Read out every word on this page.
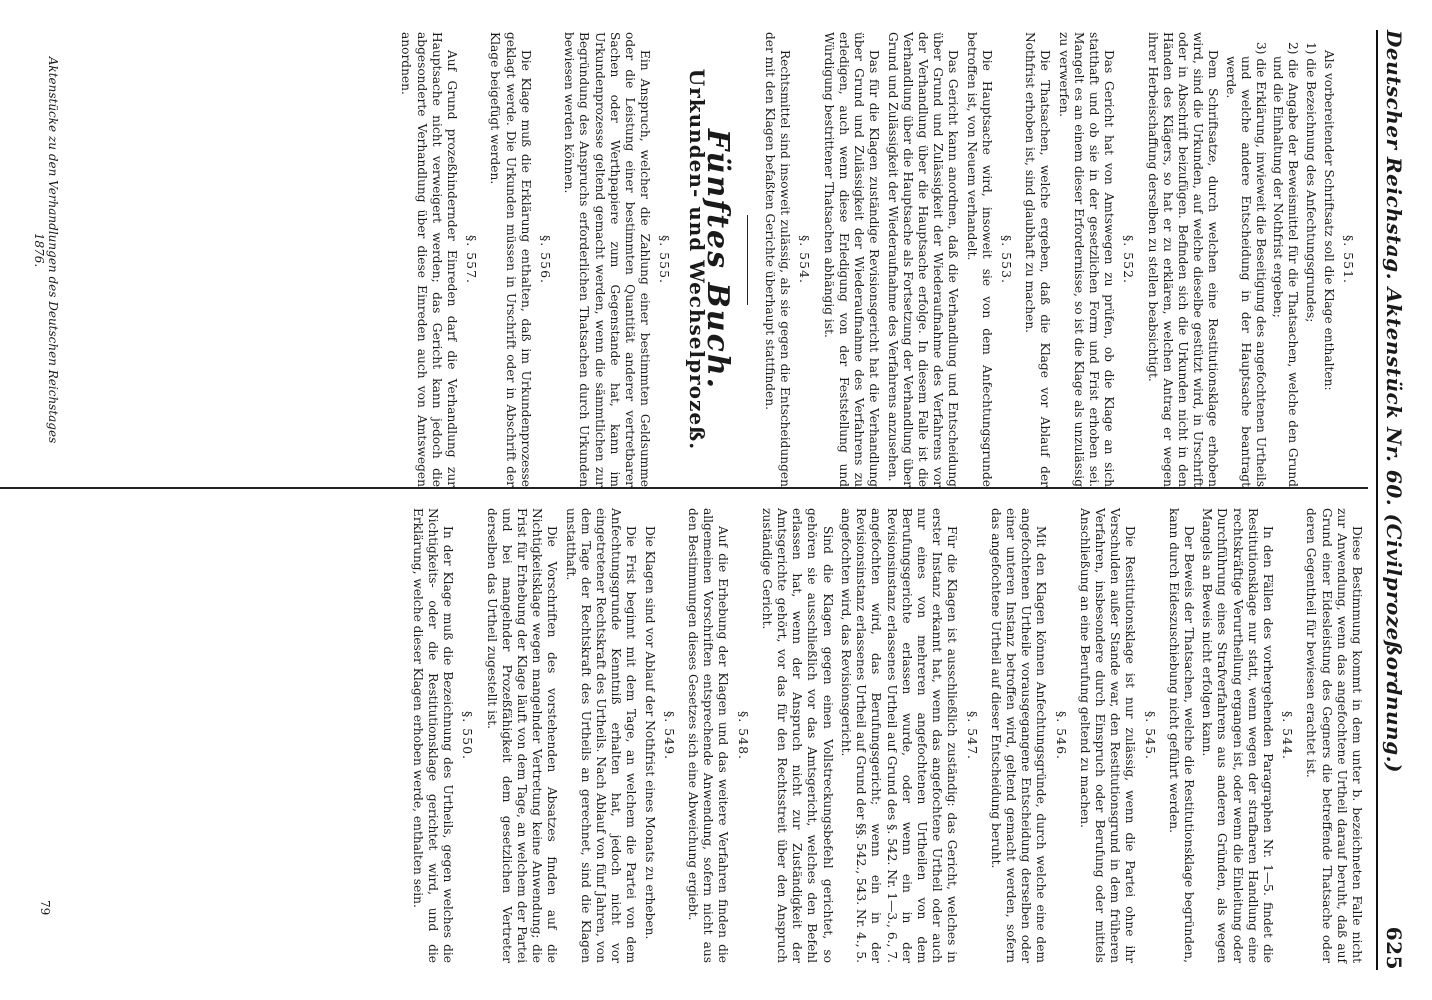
Deutscher Reichstag. Aktenstück Nr. 60. (Civilprozeßordnung.)
625
§. 551.
Als vorbereitender Schriftsatz soll die Klage enthalten:
1) die Bezeichnung des Anfechtungsgrundes;
2) die Angabe der Beweismittel für die Thatsachen, welche den Grund und die Einhaltung der Nothfrist ergeben;
3) die Erklärung, inwieweit die Beseitigung des angefochtenen Urtheils und welche andere Entscheidung in der Hauptsache beantragt werde.
Dem Schriftsatze, durch welchen eine Restitutionsklage erhoben wird, sind die Urkunden, auf welche dieselbe gestützt wird, in Urschrift oder in Abschrift beizufügen. Befinden sich die Urkunden nicht in den Händen des Klägers, so hat er zu erklären, welchen Antrag er wegen ihrer Herbeischaffung derselben zu stellen beabsichtigt.
§. 552.
Das Gericht hat von Amtswegen zu prüfen, ob die Klage an sich statthaft und ob sie in der gesetzlichen Form und Frist erhoben sei. Mangelt es an einem dieser Erfordernisse, so ist die Klage als unzulässig zu verwerfen.
Die Thatsachen, welche ergeben, daß die Klage vor Ablauf der Nothfrist erhoben ist, sind glaubhaft zu machen.
§. 553.
Die Hauptsache wird, insoweit sie von dem Anfechtungsgrunde betroffen ist, von Neuem verhandelt.
Das Gericht kann anordnen, daß die Verhandlung und Entscheidung über Grund und Zulässigkeit der Wiederaufnahme des Verfahrens vor der Verhandlung über die Hauptsache erfolge. In diesem Falle ist die Verhandlung über die Hauptsache als Fortsetzung der Verhandlung über Grund und Zulässigkeit der Wiederaufnahme des Verfahrens anzusehen.
Das für die Klagen zuständige Revisionsgericht hat die Verhandlung über Grund und Zulässigkeit der Wiederaufnahme des Verfahrens zu erledigen, auch wenn diese Erledigung von der Feststellung und Würdigung bestrittener Thatsachen abhängig ist.
§. 554.
Rechtsmittel sind insoweit zulässig, als sie gegen die Entscheidungen der mit den Klagen befaßten Gerichte überhaupt stattfinden.
Fünftes Buch.
Urkunden- und Wechselprozeß.
§. 555.
Ein Anspruch, welcher die Zahlung einer bestimmten Geldsumme oder die Leistung einer bestimmten Quantität anderer vertretbarer Sachen oder Werthpapiere zum Gegenstande hat, kann im Urkundenprozesse geltend gemacht werden, wenn die sämmtlichen zur Begründung des Anspruchs erforderlichen Thatsachen durch Urkunden bewiesen werden können.
§. 556.
Die Klage muß die Erklärung enthalten, daß im Urkundenprozesse geklagt werde. Die Urkunden müssen in Urschrift oder in Abschrift der Klage beigefügt werden.
§. 557.
Auf Grund prozeßhindernder Einreden darf die Verhandlung zur Hauptsache nicht verweigert werden; das Gericht kann jedoch die abgesonderte Verhandlung über diese Einreden auch von Amtswegen anordnen.
Diese Bestimmung kommt in dem unter b. bezeichneten Falle nicht zur Anwendung, wenn das angefochtene Urtheil darauf beruht, daß auf Grund einer Eidesleistung des Gegners die betreffende Thatsache oder deren Gegentheil für bewiesen erachtet ist.
§. 544.
In den Fällen des vorhergehenden Paragraphen Nr. 1—5. findet die Restitutionsklage nur statt, wenn wegen der strafbaren Handlung eine rechtskräftige Verurtheilung ergangen ist, oder wenn die Einleitung oder Durchführung eines Strafverfahrens aus anderen Gründen, als wegen Mangels an Beweis nicht erfolgen kann.
Der Beweis der Thatsachen, welche die Restitutionsklage begründen, kann durch Eideszuschiebung nicht geführt werden.
§. 545.
Die Restitutionsklage ist nur zulässig, wenn die Partei ohne ihr Verschulden außer Stande war, den Restitutionsgrund in dem früheren Verfahren, insbesondere durch Einspruch oder Berufung oder mittels Anschließung an eine Berufung geltend zu machen.
§. 546.
Mit den Klagen können Anfechtungsgründe, durch welche eine dem angefochtenen Urtheile vorausgegangene Entscheidung derselben oder einer unteren Instanz betroffen wird, geltend gemacht werden, sofern das angefochtene Urtheil auf dieser Entscheidung beruht.
§. 547.
Für die Klagen ist ausschließlich zuständig: das Gericht, welches in erster Instanz erkannt hat, wenn das angefochtene Urtheil oder auch nur eines von mehreren angefochtenen Urtheilen von dem Berufungsgerichte erlassen wurde, oder wenn ein in der Revisionsinstanz erlassenes Urtheil auf Grund des §. 542. Nr. 1—3., 6., 7. angefochten wird, das Berufungsgericht; wenn ein in der Revisionsinstanz erlassenes Urtheil auf Grund der §§. 542., 543. Nr. 4., 5. angefochten wird, das Revisionsgericht.
Sind die Klagen gegen einen Vollstreckungsbefehl gerichtet, so gehören sie ausschließlich vor das Amtsgericht, welches den Befehl erlassen hat, wenn der Anspruch nicht zur Zuständigkeit der Amtsgerichte gehört, vor das für den Rechtsstreit über den Anspruch zuständige Gericht.
§. 548.
Auf die Erhebung der Klagen und das weitere Verfahren finden die allgemeinen Vorschriften entsprechende Anwendung, sofern nicht aus den Bestimmungen dieses Gesetzes sich eine Abweichung ergiebt.
§. 549.
Die Klagen sind vor Ablauf der Nothfrist eines Monats zu erheben.
Die Frist beginnt mit dem Tage, an welchem die Partei von dem Anfechtungsgrunde Kenntniß erhalten hat, jedoch nicht vor eingetretener Rechtskraft des Urtheils. Nach Ablauf von fünf Jahren, von dem Tage der Rechtskraft des Urtheils an gerechnet, sind die Klagen unstatthaft.
Die Vorschriften des vorstehenden Absatzes finden auf die Nichtigkeitsklage wegen mangelnder Vertretung keine Anwendung; die Frist für Erhebung der Klage läuft von dem Tage, an welchem der Partei und bei mangelnder Prozeßfähigkeit dem gesetzlichen Vertreter derselben das Urtheil zugestellt ist.
§. 550.
In der Klage muß die Bezeichnung des Urtheils, gegen welches die Nichtigkeits- oder die Restitutionsklage gerichtet wird, und die Erklärung, welche dieser Klagen erhoben werde, enthalten sein.
Aktenstücke zu den Verhandlungen des Deutschen Reichstages 1876.
79
